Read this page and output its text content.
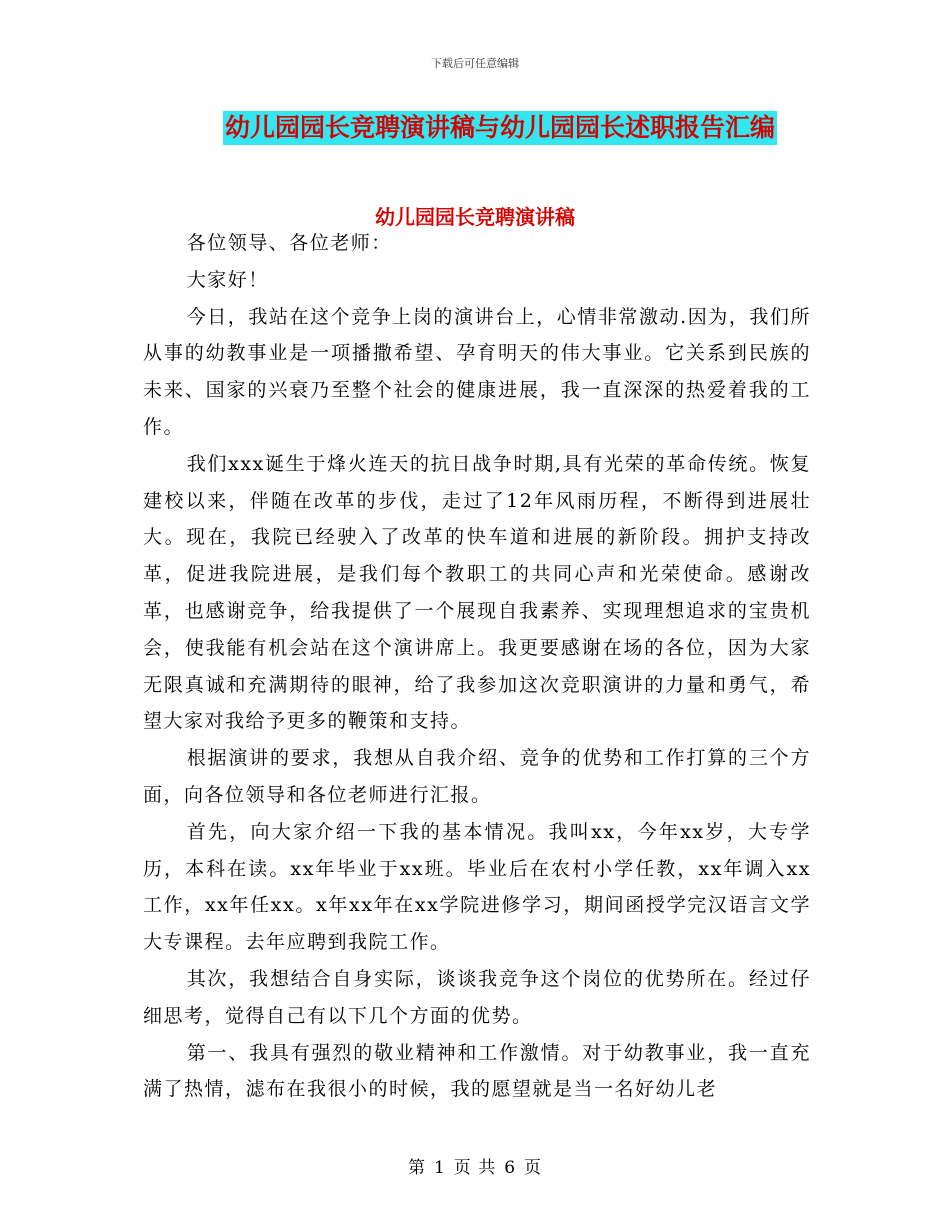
下载后可任意编辑
幼儿园园长竞聘演讲稿与幼儿园园长述职报告汇编
幼儿园园长竞聘演讲稿

各位领导、各位老师：

大家好！

今日，我站在这个竞争上岗的演讲台上，心情非常激动.因为，我们所从事的幼教事业是一项播撒希望、孕育明天的伟大事业。它关系到民族的未来、国家的兴衰乃至整个社会的健康进展，我一直深深的热爱着我的工作。

我们xxx诞生于烽火连天的抗日战争时期,具有光荣的革命传统。恢复建校以来，伴随在改革的步伐，走过了12年风雨历程，不断得到进展壮大。现在，我院已经驶入了改革的快车道和进展的新阶段。拥护支持改革，促进我院进展，是我们每个教职工的共同心声和光荣使命。感谢改革，也感谢竞争，给我提供了一个展现自我素养、实现理想追求的宝贵机会，使我能有机会站在这个演讲席上。我更要感谢在场的各位，因为大家无限真诚和充满期待的眼神，给了我参加这次竞职演讲的力量和勇气，希望大家对我给予更多的鞭策和支持。

根据演讲的要求，我想从自我介绍、竞争的优势和工作打算的三个方面，向各位领导和各位老师进行汇报。

首先，向大家介绍一下我的基本情况。我叫xx，今年xx岁，大专学历，本科在读。xx年毕业于xx班。毕业后在农村小学任教，xx年调入xx工作，xx年任xx。x年xx年在xx学院进修学习，期间函授学完汉语言文学大专课程。去年应聘到我院工作。

其次，我想结合自身实际，谈谈我竞争这个岗位的优势所在。经过仔细思考，觉得自己有以下几个方面的优势。

第一、我具有强烈的敬业精神和工作激情。对于幼教事业，我一直充满了热情，滤布在我很小的时候，我的愿望就是当一名好幼儿老

第 1 页 共 6 页
